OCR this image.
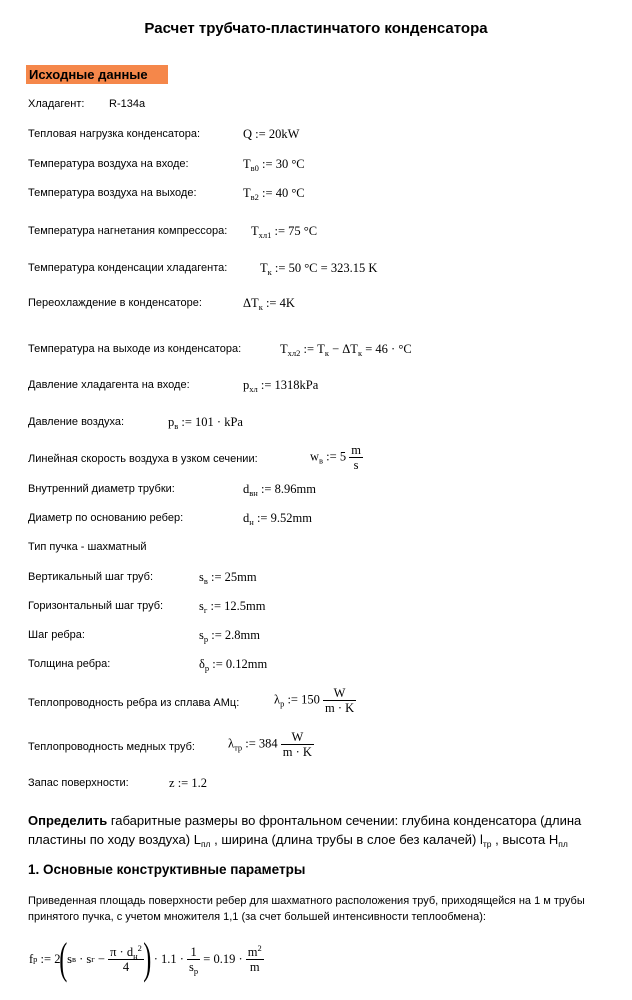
Расчет трубчато-пластинчатого конденсатора
Исходные данные
Хладагент: R-134a
Тепловая нагрузка конденсатора:	Q := 20kW
Температура воздуха на входе:	$T_{в0}$ := 30 °C
Температура воздуха на выходе:	$T_{в2}$ := 40 °C
Температура нагнетания компрессора: $T_{хл1}$ := 75 °C
Температура конденсации хладагента:	$T_к$ := 50 °C = 323.15 K
Переохлаждение в конденсаторе:	$\Delta T_к$ := 4K
Температура на выходе из конденсатора:	$T_{хл2}$ := $T_к - \Delta T_к = 46 \cdot ^\circ C$
Давление хладагента на входе:	$p_{хл}$ := 1318kPa
Давление воздуха:	$p_в$ := 101 · kPa
Линейная скорость воздуха в узком сечении:	$w_в$ := $5 \frac{m}{s}$
Внутренний диаметр трубки:	$d_{вн}$ := 8.96mm
Диаметр по основанию ребер:	$d_н$ := 9.52mm
Тип пучка - шахматный
Вертикальный шаг труб:	$s_в$ := 25mm
Горизонтальный шаг труб:	$s_г$ := 12.5mm
Шаг ребра:	$s_р$ := 2.8mm
Толщина ребра:	$\delta_р$ := 0.12mm
Теплопроводность ребра из сплава АМц:	$\lambda_р$ := $150 \frac{W}{m \cdot K}$
Теплопроводность медных труб:	$\lambda_{тр}$ := $384 \frac{W}{m \cdot K}$
Запас поверхности:	z := 1.2
Определить габаритные размеры во фронтальном сечении: глубина конденсатора (длина
пластины по ходу воздуха) $L_{пл}$ , ширина (длина трубы в слое без калачей) $l_{тр}$ , высота $H_{пл}$
1. Основные конструктивные параметры
Приведенная площадь поверхности ребер для шахматного расположения труб, приходящейся на 1 м трубы
принятого пучка, с учетом множителя 1,1 (за счет большей интенсивности теплообмена):
f р := 2 ( s в · s $г - \frac{\pi \cdot d_н^2}{4}$ ) · $1.1 \cdot \frac{1}{s_р} = 0.19 \cdot \frac{m^2}{m}$
